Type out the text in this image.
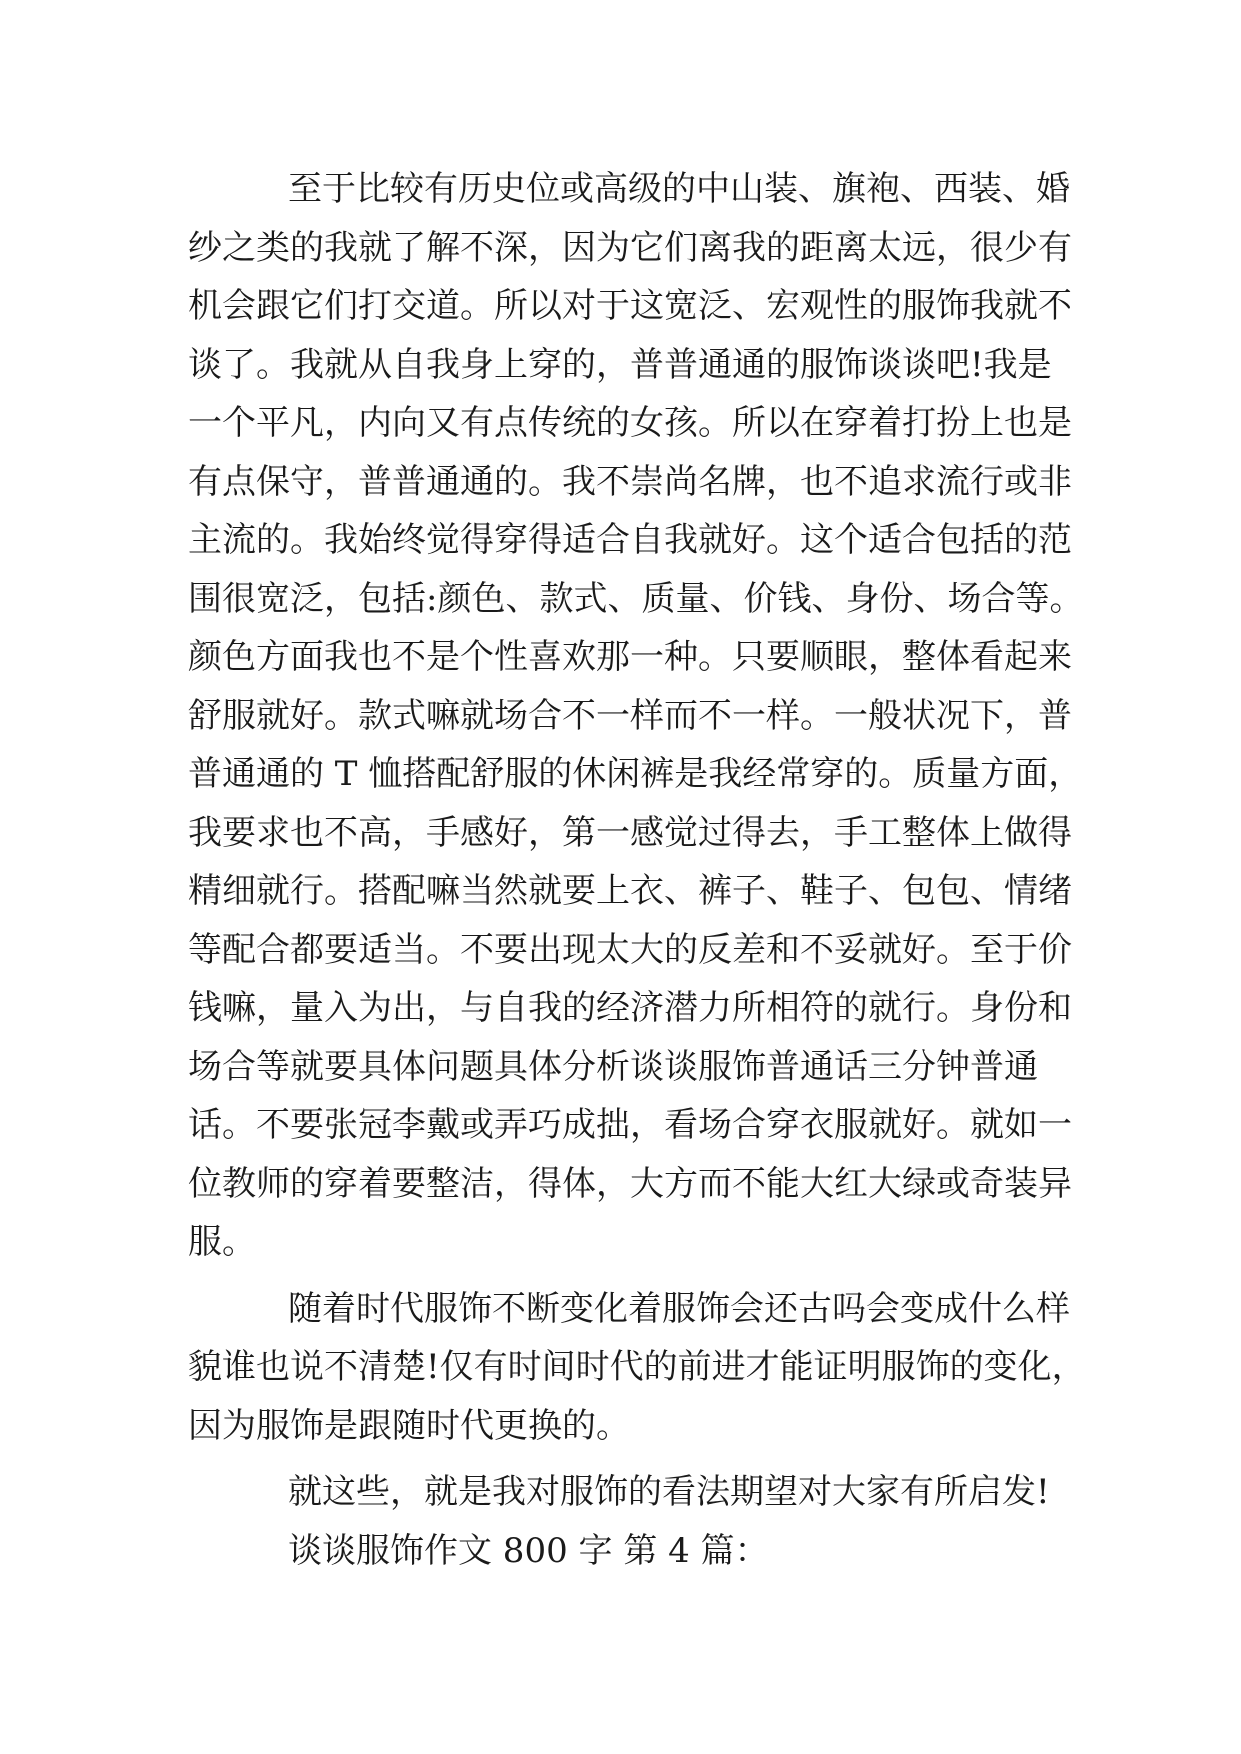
至于比较有历史位或高级的中山装、旗袍、西装、婚
纱之类的我就了解不深，因为它们离我的距离太远，很少有
机会跟它们打交道。所以对于这宽泛、宏观性的服饰我就不
谈了。我就从自我身上穿的，普普通通的服饰谈谈吧!我是
一个平凡，内向又有点传统的女孩。所以在穿着打扮上也是
有点保守，普普通通的。我不崇尚名牌，也不追求流行或非
主流的。我始终觉得穿得适合自我就好。这个适合包括的范
围很宽泛，包括:颜色、款式、质量、价钱、身份、场合等。
颜色方面我也不是个性喜欢那一种。只要顺眼，整体看起来
舒服就好。款式嘛就场合不一样而不一样。一般状况下，普
普通通的 T 恤搭配舒服的休闲裤是我经常穿的。质量方面，
我要求也不高，手感好，第一感觉过得去，手工整体上做得
精细就行。搭配嘛当然就要上衣、裤子、鞋子、包包、情绪
等配合都要适当。不要出现太大的反差和不妥就好。至于价
钱嘛，量入为出，与自我的经济潜力所相符的就行。身份和
场合等就要具体问题具体分析谈谈服饰普通话三分钟普通
话。不要张冠李戴或弄巧成拙，看场合穿衣服就好。就如一
位教师的穿着要整洁，得体，大方而不能大红大绿或奇装异
服。
随着时代服饰不断变化着服饰会还古吗会变成什么样
貌谁也说不清楚!仅有时间时代的前进才能证明服饰的变化，
因为服饰是跟随时代更换的。
就这些，就是我对服饰的看法期望对大家有所启发!
谈谈服饰作文 800 字 第 4 篇：
